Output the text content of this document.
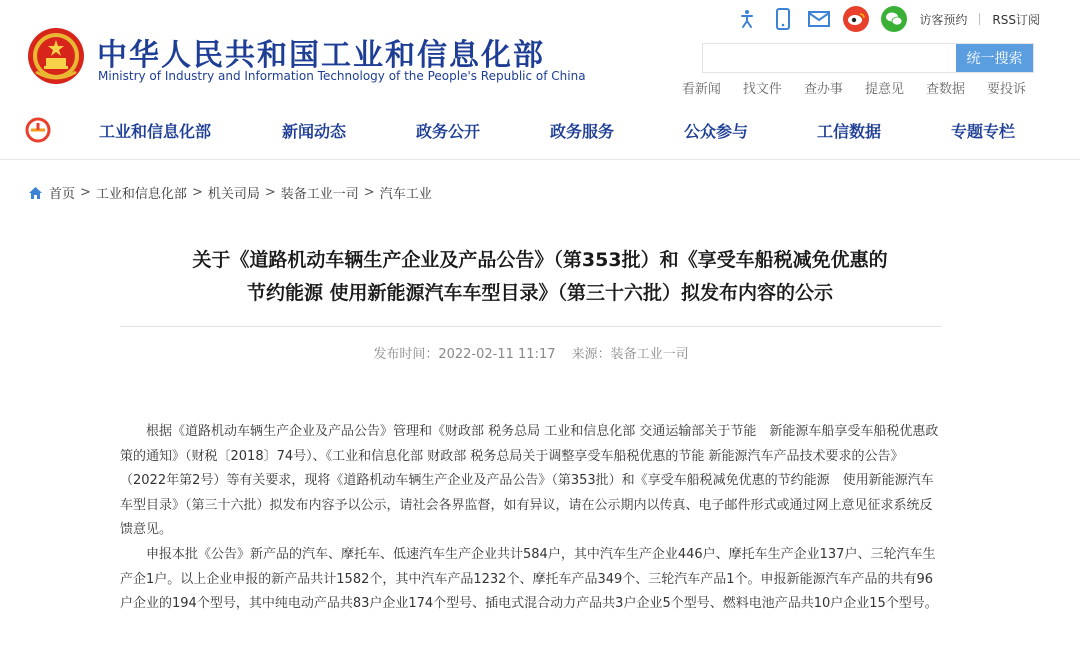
中华人民共和国工业和信息化部
Ministry of Industry and Information Technology of the People's Republic of China
访客预约 RSS订阅
统一搜索
看新闻 找文件 查办事 提意见 查数据 要投诉
工业和信息化部	新闻动态	政务公开	政务服务	公众参与	工信数据	专题专栏
首页 > 工业和信息化部 > 机关司局 > 装备工业一司 > 汽车工业
关于《道路机动车辆生产企业及产品公告》（第353批）和《享受车船税减免优惠的
节约能源 使用新能源汽车车型目录》（第三十六批）拟发布内容的公示
发布时间：2022-02-11 11:17 来源：装备工业一司

根据《道路机动车辆生产企业及产品公告》管理和《财政部 税务总局 工业和信息化部 交通运输部关于节能　新能源车船享受车船税优惠政策的通知》（财税〔2018〕74号）、《工业和信息化部 财政部 税务总局关于调整享受车船税优惠的节能 新能源汽车产品技术要求的公告》（2022年第2号）等有关要求，现将《道路机动车辆生产企业及产品公告》（第353批）和《享受车船税减免优惠的节约能源　使用新能源汽车车型目录》（第三十六批）拟发布内容予以公示，请社会各界监督，如有异议，请在公示期内以传真、电子邮件形式或通过网上意见征求系统反馈意见。

申报本批《公告》新产品的汽车、摩托车、低速汽车生产企业共计584户，其中汽车生产企业446户、摩托车生产企业137户、三轮汽车生产企1户。以上企业申报的新产品共计1582个，其中汽车产品1232个、摩托车产品349个、三轮汽车产品1个。申报新能源汽车产品的共有96户企业的194个型号，其中纯电动产品共83户企业174个型号、插电式混合动力产品共3户企业5个型号、燃料电池产品共10户企业15个型号。
